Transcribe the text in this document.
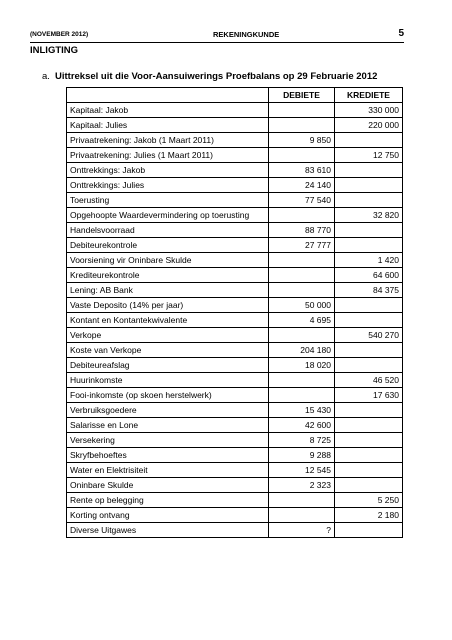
(NOVEMBER 2012)	REKENINGKUNDE	5
INLIGTING
a. Uittreksel uit die Voor-Aansuiwerings Proefbalans op 29 Februarie 2012
	DEBIETE	KREDIETE
Kapitaal: Jakob		330 000
Kapitaal: Julies		220 000
Privaatrekening: Jakob (1 Maart 2011)	9 850	
Privaatrekening: Julies (1 Maart 2011)		12 750
Onttrekkings: Jakob	83 610	
Onttrekkings: Julies	24 140	
Toerusting	77 540	
Opgehoopte Waardevermindering op toerusting		32 820
Handelsvoorraad	88 770	
Debiteurekontrole	27 777	
Voorsiening vir Oninbare Skulde		1 420
Krediteurekontrole		64 600
Lening: AB Bank		84 375
Vaste Deposito (14% per jaar)	50 000	
Kontant en Kontantekwivalente	4 695	
Verkope		540 270
Koste van Verkope	204 180	
Debiteureafslag	18 020	
Huurinkomste		46 520
Fooi-inkomste (op skoen herstelwerk)		17 630
Verbruiksgoedere	15 430	
Salarisse en Lone	42 600	
Versekering	8 725	
Skryfbehoeftes	9 288	
Water en Elektrisiteit	12 545	
Oninbare Skulde	2 323	
Rente op belegging		5 250
Korting ontvang		2 180
Diverse Uitgawes	?	
